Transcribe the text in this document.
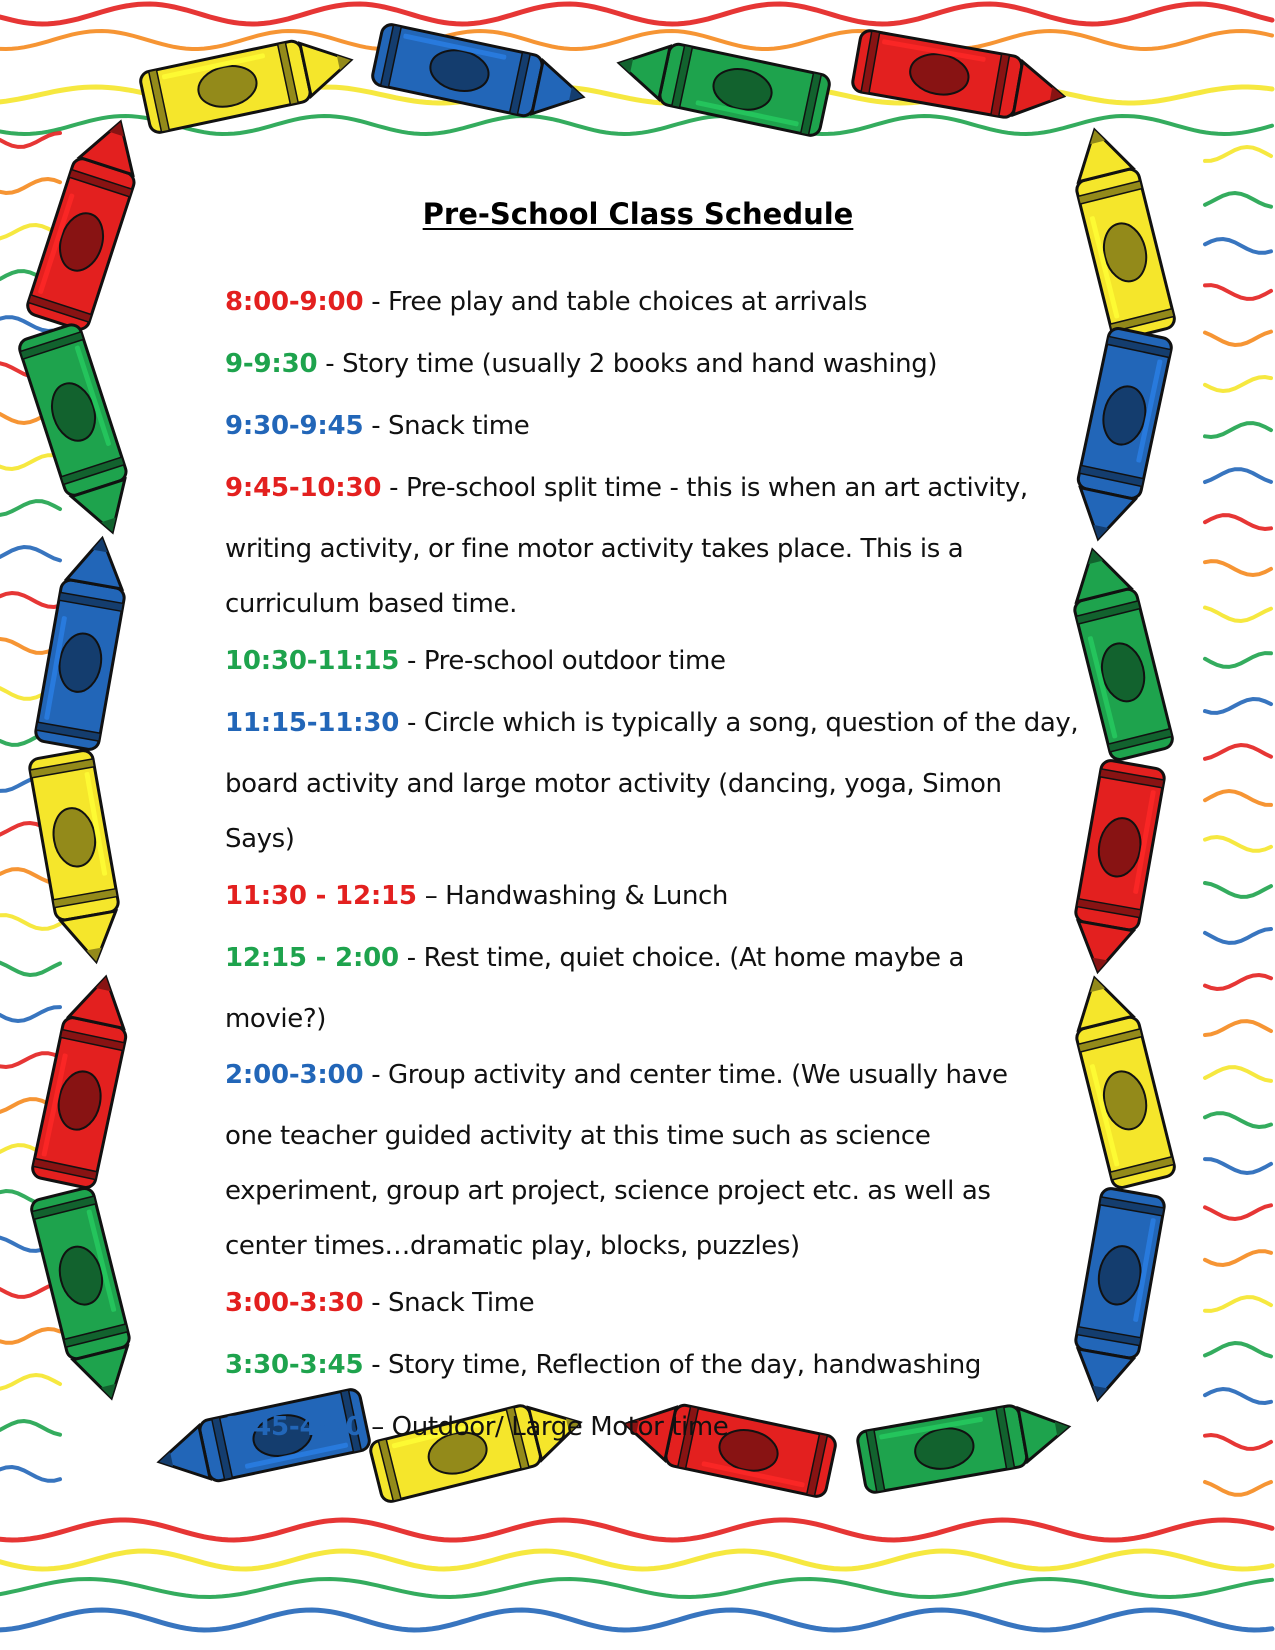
Pre-School Class Schedule
8:00-9:00 - Free play and table choices at arrivals
9-9:30 - Story time (usually 2 books and hand washing)
9:30-9:45 - Snack time
9:45-10:30 - Pre-school split time - this is when an art activity,
writing activity, or fine motor activity takes place. This is a
curriculum based time.
10:30-11:15 - Pre-school outdoor time
11:15-11:30 - Circle which is typically a song, question of the day,
board activity and large motor activity (dancing, yoga, Simon
Says)
11:30 - 12:15 – Handwashing & Lunch
12:15 - 2:00 - Rest time, quiet choice. (At home maybe a
movie?)
2:00-3:00 - Group activity and center time. (We usually have
one teacher guided activity at this time such as science
experiment, group art project, science project etc. as well as
center times…dramatic play, blocks, puzzles)
3:00-3:30 - Snack Time
3:30-3:45 - Story time, Reflection of the day, handwashing
3:45-4:30 – Outdoor/ Large Motor time
